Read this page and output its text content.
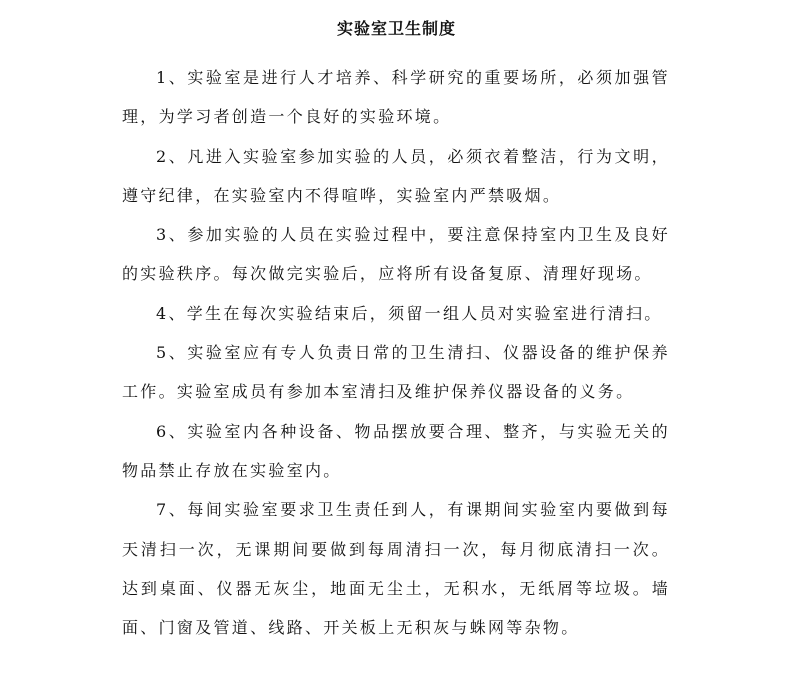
实验室卫生制度

1、实验室是进行人才培养、科学研究的重要场所，必须加强管理，为学习者创造一个良好的实验环境。

2、凡进入实验室参加实验的人员，必须衣着整洁，行为文明，遵守纪律，在实验室内不得喧哗，实验室内严禁吸烟。

3、参加实验的人员在实验过程中，要注意保持室内卫生及良好的实验秩序。每次做完实验后，应将所有设备复原、清理好现场。

4、学生在每次实验结束后，须留一组人员对实验室进行清扫。

5、实验室应有专人负责日常的卫生清扫、仪器设备的维护保养工作。实验室成员有参加本室清扫及维护保养仪器设备的义务。

6、实验室内各种设备、物品摆放要合理、整齐，与实验无关的物品禁止存放在实验室内。

7、每间实验室要求卫生责任到人，有课期间实验室内要做到每天清扫一次，无课期间要做到每周清扫一次，每月彻底清扫一次。达到桌面、仪器无灰尘，地面无尘土，无积水，无纸屑等垃圾。墙面、门窗及管道、线路、开关板上无积灰与蛛网等杂物。
